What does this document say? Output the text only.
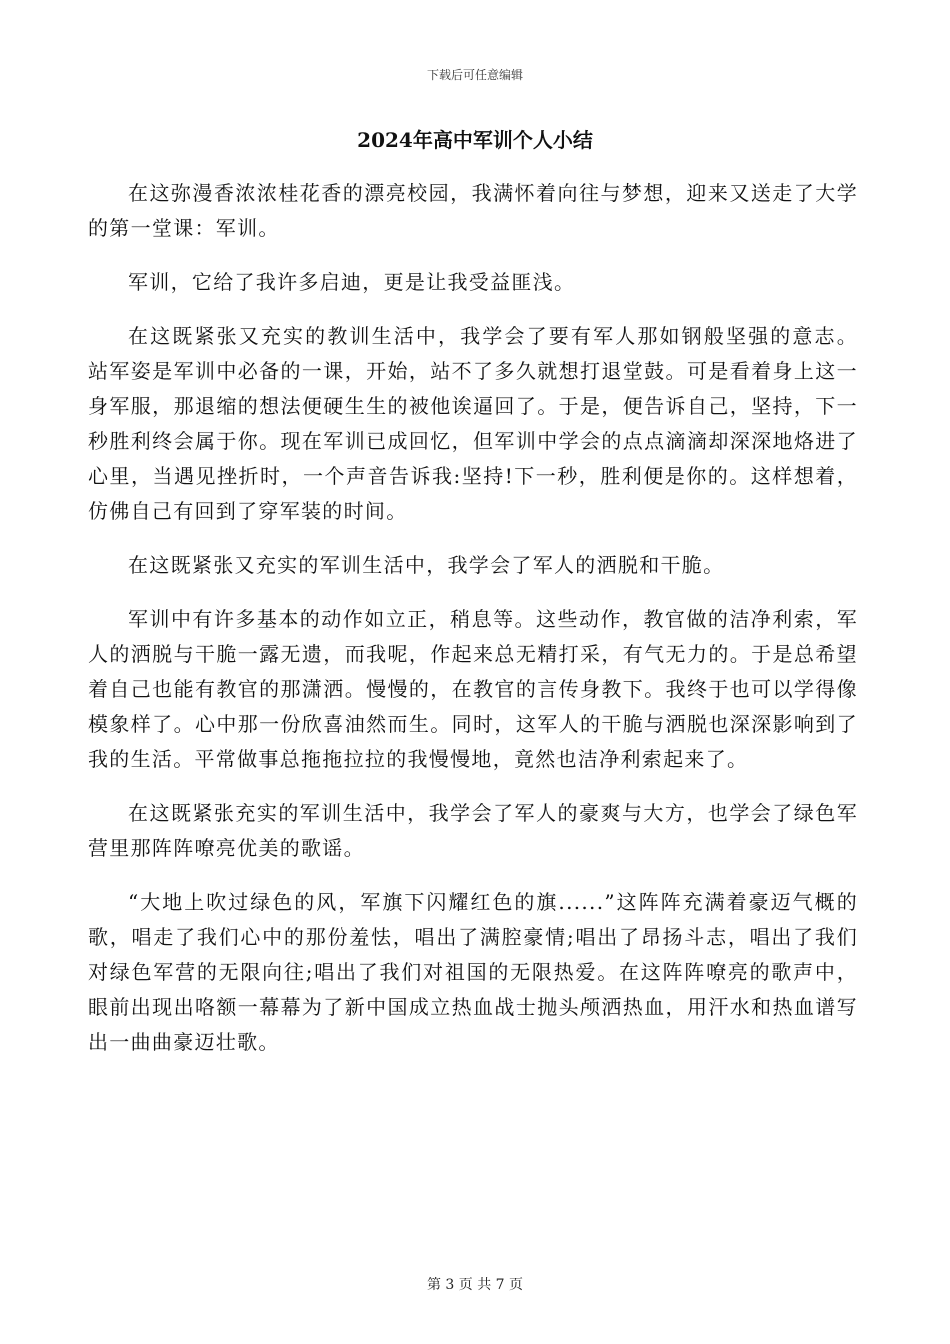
下载后可任意编辑
2024年高中军训个人小结

在这弥漫香浓浓桂花香的漂亮校园，我满怀着向往与梦想，迎来又送走了大学的第一堂课：军训。

军训，它给了我许多启迪，更是让我受益匪浅。

在这既紧张又充实的教训生活中，我学会了要有军人那如钢般坚强的意志。 站军姿是军训中必备的一课，开始，站不了多久就想打退堂鼓。可是看着身上这一身军服，那退缩的想法便硬生生的被他诶逼回了。于是，便告诉自己，坚持，下一秒胜利终会属于你。现在军训已成回忆，但军训中学会的点点滴滴却深深地烙进了心里，当遇见挫折时，一个声音告诉我:坚持!下一秒，胜利便是你的。这样想着，仿佛自己有回到了穿军装的时间。

在这既紧张又充实的军训生活中，我学会了军人的洒脱和干脆。

军训中有许多基本的动作如立正，稍息等。这些动作，教官做的洁净利索，军人的洒脱与干脆一露无遗，而我呢，作起来总无精打采，有气无力的。于是总希望着自己也能有教官的那潇洒。慢慢的，在教官的言传身教下。我终于也可以学得像模象样了。心中那一份欣喜油然而生。同时，这军人的干脆与洒脱也深深影响到了我的生活。平常做事总拖拖拉拉的我慢慢地，竟然也洁净利索起来了。

在这既紧张充实的军训生活中，我学会了军人的豪爽与大方，也学会了绿色军营里那阵阵嘹亮优美的歌谣。

“大地上吹过绿色的风，军旗下闪耀红色的旗......”这阵阵充满着豪迈气概的歌，唱走了我们心中的那份羞怯，唱出了满腔豪情;唱出了昂扬斗志，唱出了我们对绿色军营的无限向往;唱出了我们对祖国的无限热爱。在这阵阵嘹亮的歌声中，眼前出现出咯额一幕幕为了新中国成立热血战士抛头颅洒热血，用汗水和热血谱写出一曲曲豪迈壮歌。

第 3 页 共 7 页
